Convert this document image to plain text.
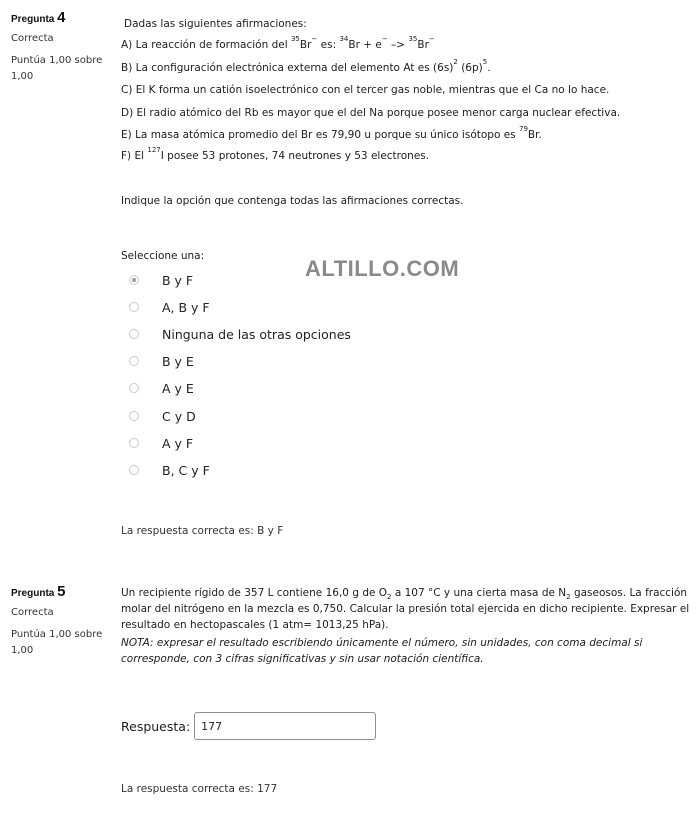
Pregunta 4
Correcta
Puntúa 1,00 sobre 1,00
Dadas las siguientes afirmaciones:
A) La reacción de formación del $^{35}$Br− es: $^{34}$Br + e− –> $^{35}$Br−
B) La configuración electrónica externa del elemento At es $(6s)^2$ $(6p)^5$.
C) El K forma un catión isoelectrónico con el tercer gas noble, mientras que el Ca no lo hace.
D) El radio atómico del Rb es mayor que el del Na porque posee menor carga nuclear efectiva.
E) La masa atómica promedio del Br es 79,90 u porque su único isótopo es $^{79}$Br.
F) El $^{127}$I posee 53 protones, 74 neutrones y 53 electrones.
Indique la opción que contenga todas las afirmaciones correctas.
Seleccione una:	ALTILLO.COM
B y F
A, B y F
Ninguna de las otras opciones
B y E
A y E
C y D
A y F
B, C y F
La respuesta correcta es: B y F
Pregunta 5
Correcta
Puntúa 1,00 sobre 1,00

Un recipiente rígido de 357 L contiene 16,0 g de $O_2$ a 107 °C y una cierta masa de $N_2$ gaseosos. La fracción molar del nitrógeno en la mezcla es 0,750. Calcular la presión total ejercida en dicho recipiente. Expresar el resultado en hectopascales (1 atm= 1013,25 hPa).

NOTA: expresar el resultado escribiendo únicamente el número, sin unidades, con coma decimal si corresponde, con 3 cifras significativas y sin usar notación científica.

Respuesta:
177
La respuesta correcta es: 177
